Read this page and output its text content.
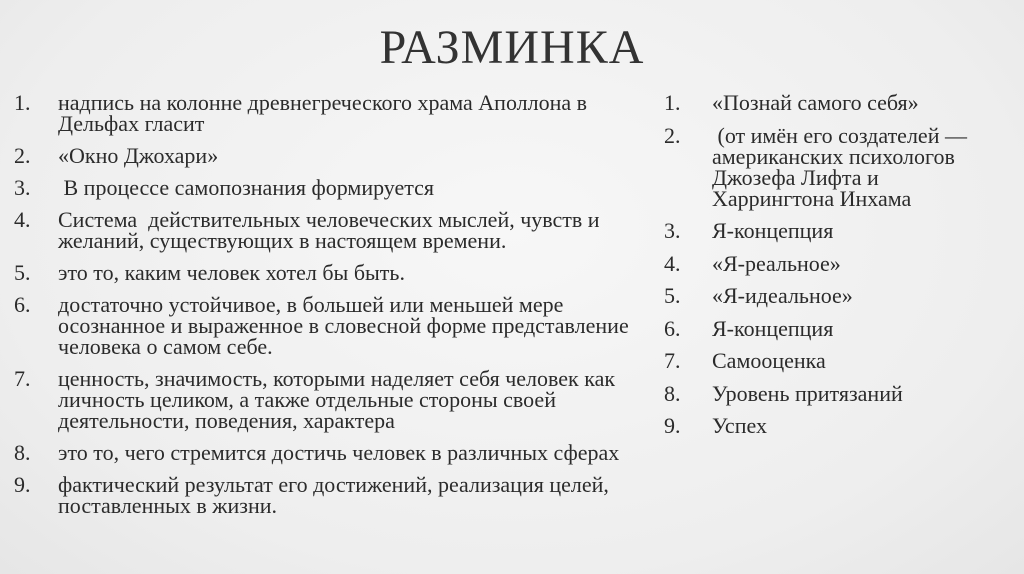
РАЗМИНКА
1.	надпись на колонне древнегреческого храма Аполлона в Дельфах гласит
2.	«Окно Джохари»
3.	В процессе самопознания формируется
4.	Система  действительных человеческих мыслей, чувств и желаний, существующих в настоящем времени.
5.	это то, каким человек хотел бы быть.
6.	достаточно устойчивое, в большей или меньшей мере осознанное и выраженное в словесной форме представление человека о самом себе.
7.	ценность, значимость, которыми наделяет себя человек как личность целиком, а также отдельные стороны своей деятельности, поведения, характера
8.	это то, чего стремится достичь человек в различных сферах
9.	фактический результат его достижений, реализация целей, поставленных в жизни.
1.	«Познай самого себя»
2.	(от имён его создателей — американских психологов Джозефа Лифта и Харрингтона Инхама
3.	Я-концепция
4.	«Я-реальное»
5.	«Я-идеальное»
6.	Я-концепция
7.	Самооценка
8.	Уровень притязаний
9.	Успех
